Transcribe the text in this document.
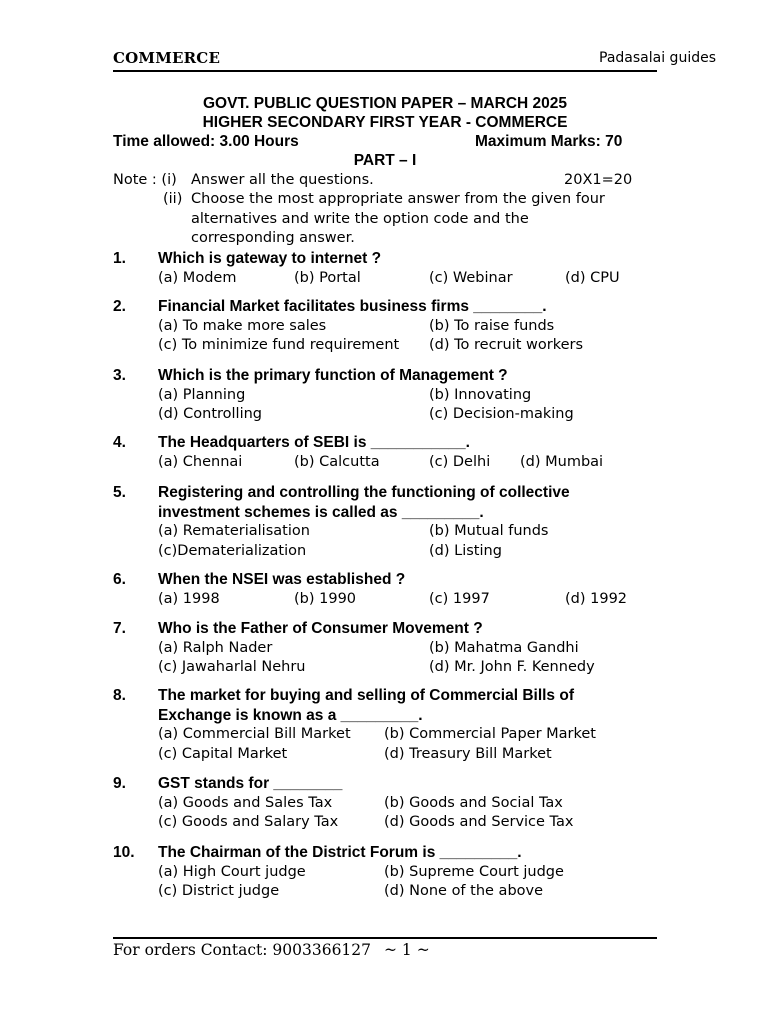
COMMERCE	Padasalai guides
GOVT. PUBLIC QUESTION PAPER – MARCH 2025
HIGHER SECONDARY FIRST YEAR - COMMERCE
Time allowed: 3.00 Hours	Maximum Marks: 70
PART – I
Note : (i) Answer all the questions.	20X1=20
(ii) Choose the most appropriate answer from the given four
alternatives and write the option code and the
corresponding answer.
1. Which is gateway to internet ?
(a) Modem	(b) Portal	(c) Webinar	(d) CPU
2. Financial Market facilitates business firms ________.
(a) To make more sales	(b) To raise funds
(c) To minimize fund requirement (d) To recruit workers
3. Which is the primary function of Management ?
(a) Planning	(b) Innovating
(d) Controlling	(c) Decision-making
4. The Headquarters of SEBI is ___________.
(a) Chennai	(b) Calcutta	(c) Delhi (d) Mumbai
5. Registering and controlling the functioning of collective
investment schemes is called as _________.
(a) Rematerialisation	(b) Mutual funds
(c)Dematerialization	(d) Listing
6. When the NSEI was established ?
(a) 1998	(b) 1990	(c) 1997	(d) 1992
7. Who is the Father of Consumer Movement ?
(a) Ralph Nader	(b) Mahatma Gandhi
(c) Jawaharlal Nehru	(d) Mr. John F. Kennedy
8. The market for buying and selling of Commercial Bills of
Exchange is known as a _________.
(a) Commercial Bill Market (b) Commercial Paper Market
(c) Capital Market	(d) Treasury Bill Market
9. GST stands for ________
(a) Goods and Sales Tax	(b) Goods and Social Tax
(c) Goods and Salary Tax	(d) Goods and Service Tax
10. The Chairman of the District Forum is _________.
(a) High Court judge	(b) Supreme Court judge
(c) District judge	(d) None of the above
For orders Contact: 9003366127 ~ 1 ~
